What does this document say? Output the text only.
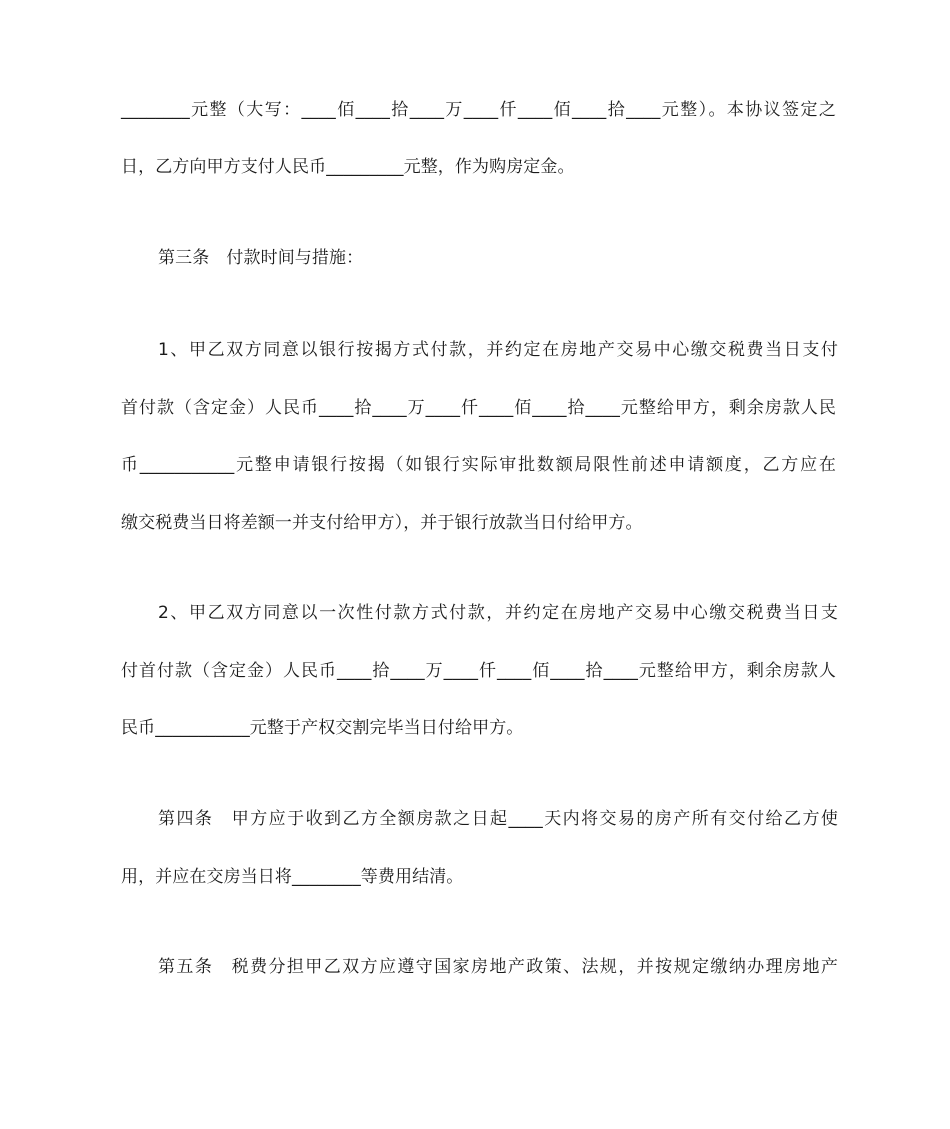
________元整（大写：____佰____拾____万____仟____佰____拾____元整）。本协议签定之
日，乙方向甲方支付人民币_________元整，作为购房定金。
第三条　付款时间与措施：
1、甲乙双方同意以银行按揭方式付款，并约定在房地产交易中心缴交税费当日支付
首付款（含定金）人民币____拾____万____仟____佰____拾____元整给甲方，剩余房款人民
币___________元整申请银行按揭（如银行实际审批数额局限性前述申请额度，乙方应在
缴交税费当日将差额一并支付给甲方），并于银行放款当日付给甲方。
2、甲乙双方同意以一次性付款方式付款，并约定在房地产交易中心缴交税费当日支
付首付款（含定金）人民币____拾____万____仟____佰____拾____元整给甲方，剩余房款人
民币___________元整于产权交割完毕当日付给甲方。
第四条　甲方应于收到乙方全额房款之日起____天内将交易的房产所有交付给乙方使
用，并应在交房当日将________等费用结清。
第五条　税费分担甲乙双方应遵守国家房地产政策、法规，并按规定缴纳办理房地产
